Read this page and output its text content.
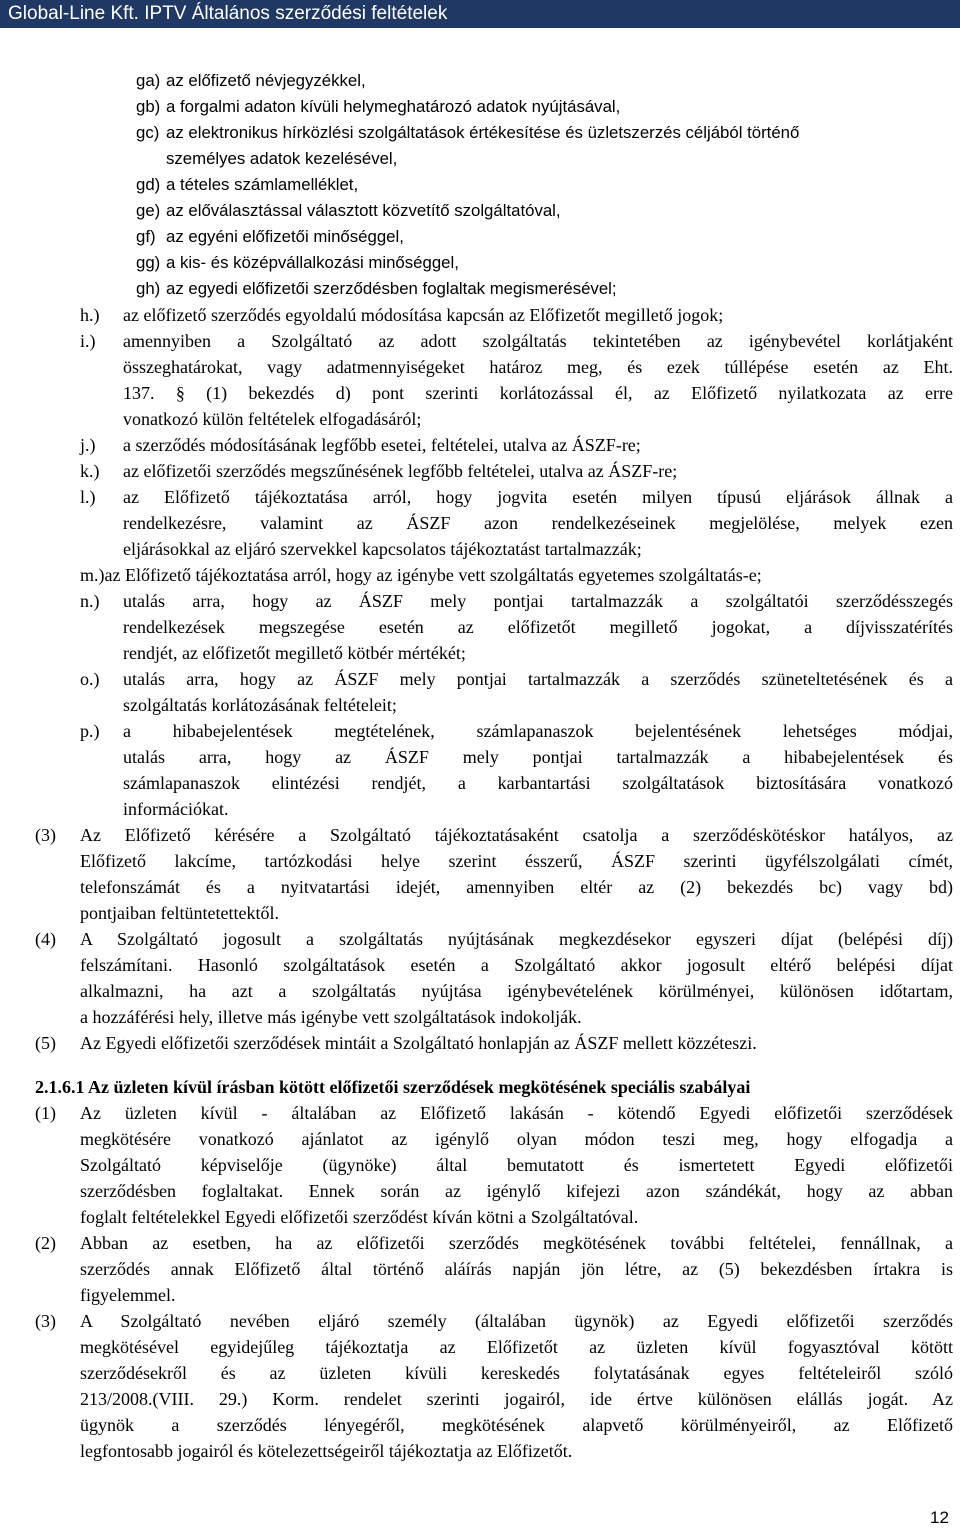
Global-Line Kft. IPTV Általános szerződési feltételek

ga) az előfizető névjegyzékkel,

gb) a forgalmi adaton kívüli helymeghatározó adatok nyújtásával,

gc) az elektronikus hírközlési szolgáltatások értékesítése és üzletszerzés céljából történő

személyes adatok kezelésével,

gd) a tételes számlamelléklet,

ge) az előválasztással választott közvetítő szolgáltatóval,

gf) az egyéni előfizetői minőséggel,

gg) a kis- és középvállalkozási minőséggel,

gh) az egyedi előfizetői szerződésben foglaltak megismerésével;

h.) az előfizető szerződés egyoldalú módosítása kapcsán az Előfizetőt megillető jogok;

i.) amennyiben a Szolgáltató az adott szolgáltatás tekintetében az igénybevétel korlátjaként

összeghatárokat, vagy adatmennyiségeket határoz meg, és ezek túllépése esetén az Eht.

137. § (1) bekezdés d) pont szerinti korlátozással él, az Előfizető nyilatkozata az erre

vonatkozó külön feltételek elfogadásáról;

j.) a szerződés módosításának legfőbb esetei, feltételei, utalva az ÁSZF-re;

k.) az előfizetői szerződés megszűnésének legfőbb feltételei, utalva az ÁSZF-re;

l.) az Előfizető tájékoztatása arról, hogy jogvita esetén milyen típusú eljárások állnak a

rendelkezésre, valamint az ÁSZF azon rendelkezéseinek megjelölése, melyek ezen

eljárásokkal az eljáró szervekkel kapcsolatos tájékoztatást tartalmazzák;

m.)az Előfizető tájékoztatása arról, hogy az igénybe vett szolgáltatás egyetemes szolgáltatás-e;

n.) utalás arra, hogy az ÁSZF mely pontjai tartalmazzák a szolgáltatói szerződésszegés

rendelkezések megszegése esetén az előfizetőt megillető jogokat, a díjvisszatérítés

rendjét, az előfizetőt megillető kötbér mértékét;

o.) utalás arra, hogy az ÁSZF mely pontjai tartalmazzák a szerződés szüneteltetésének és a

szolgáltatás korlátozásának feltételeit;

p.) a hibabejelentések megtételének, számlapanaszok bejelentésének lehetséges módjai,

utalás arra, hogy az ÁSZF mely pontjai tartalmazzák a hibabejelentések és

számlapanaszok elintézési rendjét, a karbantartási szolgáltatások biztosítására vonatkozó

információkat.

(3) Az Előfizető kérésére a Szolgáltató tájékoztatásaként csatolja a szerződéskötéskor hatályos, az

Előfizető lakcíme, tartózkodási helye szerint ésszerű, ÁSZF szerinti ügyfélszolgálati címét,

telefonszámát és a nyitvatartási idejét, amennyiben eltér az (2) bekezdés bc) vagy bd)

pontjaiban feltüntetettektől.

(4) A Szolgáltató jogosult a szolgáltatás nyújtásának megkezdésekor egyszeri díjat (belépési díj)

felszámítani. Hasonló szolgáltatások esetén a Szolgáltató akkor jogosult eltérő belépési díjat

alkalmazni, ha azt a szolgáltatás nyújtása igénybevételének körülményei, különösen időtartam,

a hozzáférési hely, illetve más igénybe vett szolgáltatások indokolják.

(5) Az Egyedi előfizetői szerződések mintáit a Szolgáltató honlapján az ÁSZF mellett közzéteszi.

2.1.6.1 Az üzleten kívül írásban kötött előfizetői szerződések megkötésének speciális szabályai

(1) Az üzleten kívül - általában az Előfizető lakásán - kötendő Egyedi előfizetői szerződések

megkötésére vonatkozó ajánlatot az igénylő olyan módon teszi meg, hogy elfogadja a

Szolgáltató képviselője (ügynöke) által bemutatott és ismertetett Egyedi előfizetői

szerződésben foglaltakat. Ennek során az igénylő kifejezi azon szándékát, hogy az abban

foglalt feltételekkel Egyedi előfizetői szerződést kíván kötni a Szolgáltatóval.

(2) Abban az esetben, ha az előfizetői szerződés megkötésének további feltételei, fennállnak, a

szerződés annak Előfizető által történő aláírás napján jön létre, az (5) bekezdésben írtakra is

figyelemmel.

(3) A Szolgáltató nevében eljáró személy (általában ügynök) az Egyedi előfizetői szerződés

megkötésével egyidejűleg tájékoztatja az Előfizetőt az üzleten kívül fogyasztóval kötött

szerződésekről és az üzleten kívüli kereskedés folytatásának egyes feltételeiről szóló

213/2008.(VIII. 29.) Korm. rendelet szerinti jogairól, ide értve különösen elállás jogát. Az

ügynök a szerződés lényegéről, megkötésének alapvető körülményeiről, az Előfizető

legfontosabb jogairól és kötelezettségeiről tájékoztatja az Előfizetőt.

12
